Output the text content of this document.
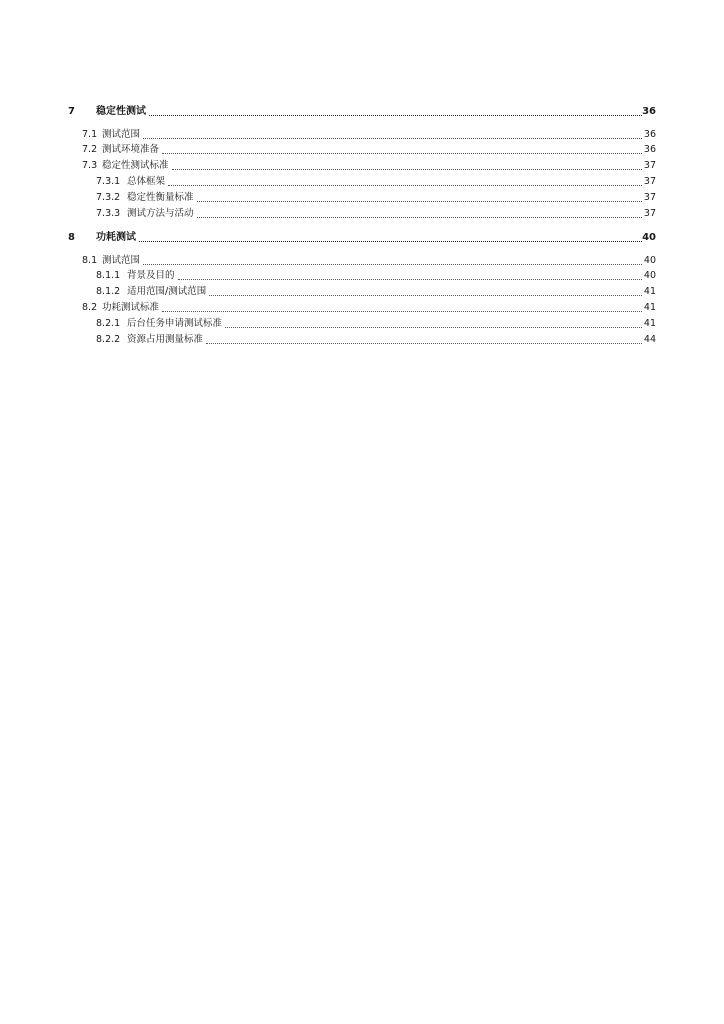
7 稳定性测试	36
7.1 测试范围	36
7.2 测试环境准备	36
7.3 稳定性测试标准	37
7.3.1 总体框架	37
7.3.2 稳定性衡量标准	37
7.3.3 测试方法与活动	37
8 功耗测试	40
8.1 测试范围	40
8.1.1 背景及目的	40
8.1.2 适用范围/测试范围	41
8.2 功耗测试标准	41
8.2.1 后台任务申请测试标准	41
8.2.2 资源占用测量标准	44
